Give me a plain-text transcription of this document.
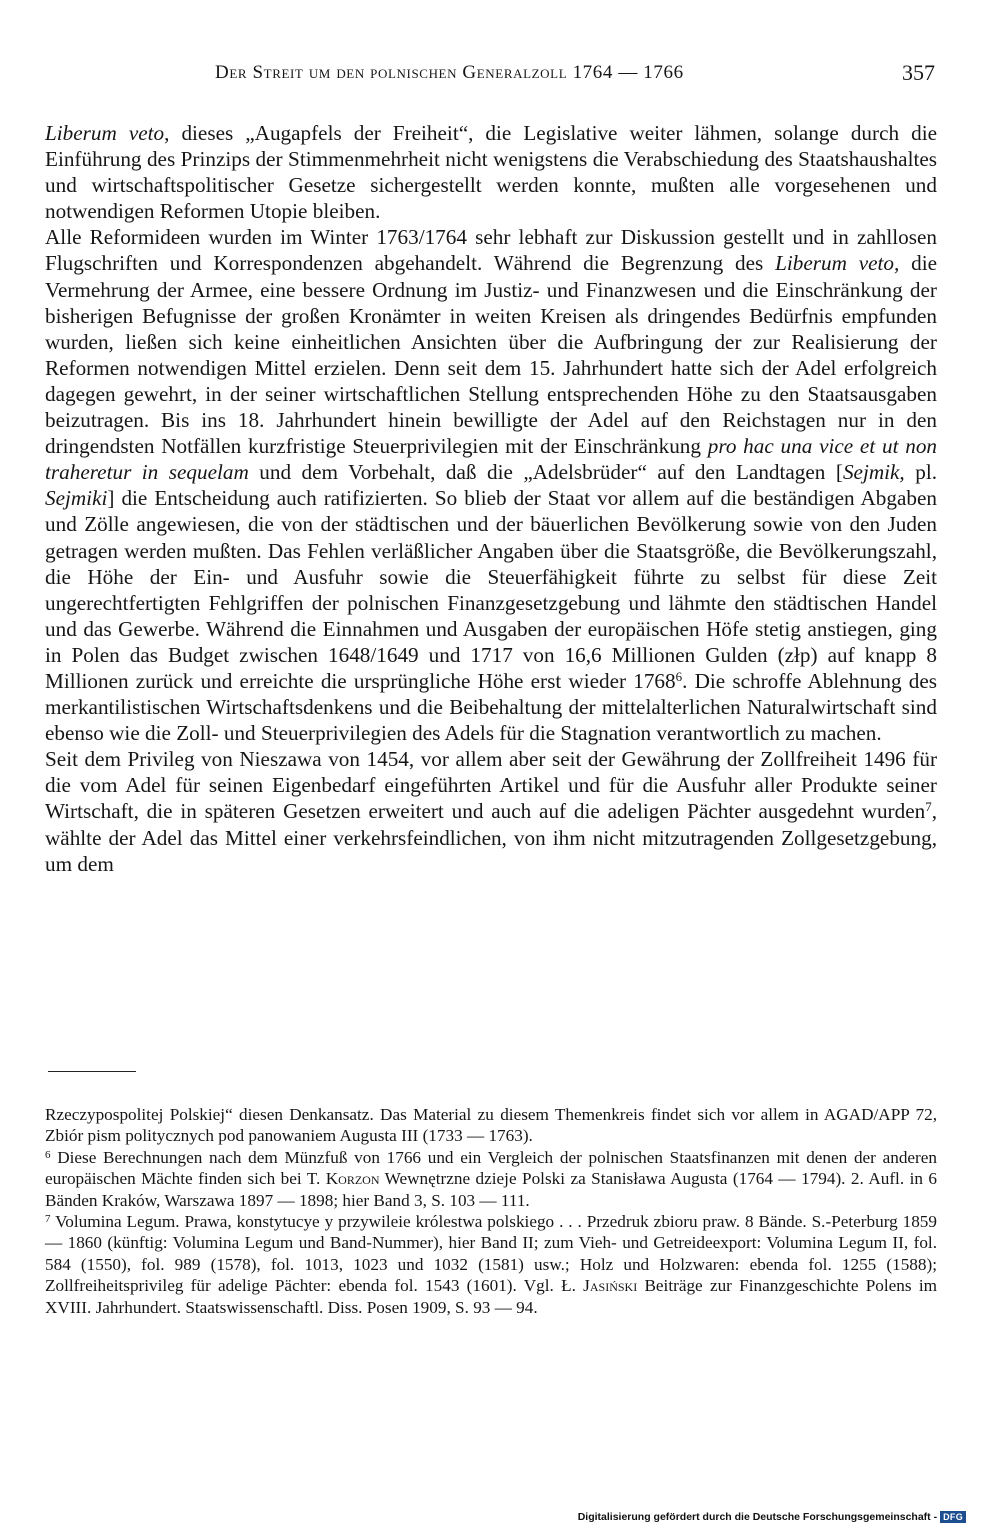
Der Streit um den polnischen Generalzoll 1764 — 1766	357

Liberum veto, dieses „Augapfels der Freiheit“, die Legislative weiter lähmen, solange durch die Einführung des Prinzips der Stimmenmehrheit nicht wenigstens die Verabschiedung des Staatshaushaltes und wirtschaftspolitischer Gesetze sichergestellt werden konnte, mußten alle vorgesehenen und notwendigen Reformen Utopie bleiben.

Alle Reformideen wurden im Winter 1763/1764 sehr lebhaft zur Diskussion gestellt und in zahllosen Flugschriften und Korrespondenzen abgehandelt. Während die Begrenzung des Liberum veto, die Vermehrung der Armee, eine bessere Ordnung im Justiz- und Finanzwesen und die Einschränkung der bisherigen Befugnisse der großen Kronämter in weiten Kreisen als dringendes Bedürfnis empfunden wurden, ließen sich keine einheitlichen Ansichten über die Aufbringung der zur Realisierung der Reformen notwendigen Mittel erzielen. Denn seit dem 15. Jahrhundert hatte sich der Adel erfolgreich dagegen gewehrt, in der seiner wirtschaftlichen Stellung entsprechenden Höhe zu den Staatsausgaben beizutragen. Bis ins 18. Jahrhundert hinein bewilligte der Adel auf den Reichstagen nur in den dringendsten Notfällen kurzfristige Steuerprivilegien mit der Einschränkung pro hac una vice et ut non traheretur in sequelam und dem Vorbehalt, daß die „Adelsbrüder“ auf den Landtagen [Sejmik, pl. Sejmiki] die Entscheidung auch ratifizierten. So blieb der Staat vor allem auf die beständigen Abgaben und Zölle angewiesen, die von der städtischen und der bäuerlichen Bevölkerung sowie von den Juden getragen werden mußten. Das Fehlen verläßlicher Angaben über die Staatsgröße, die Bevölkerungszahl, die Höhe der Ein- und Ausfuhr sowie die Steuerfähigkeit führte zu selbst für diese Zeit ungerechtfertigten Fehlgriffen der polnischen Finanzgesetzgebung und lähmte den städtischen Handel und das Gewerbe. Während die Einnahmen und Ausgaben der europäischen Höfe stetig anstiegen, ging in Polen das Budget zwischen 1648/1649 und 1717 von 16,6 Millionen Gulden (złp) auf knapp 8 Millionen zurück und erreichte die ursprüngliche Höhe erst wieder 1768$^6$. Die schroffe Ablehnung des merkantilistischen Wirtschaftsdenkens und die Beibehaltung der mittelalterlichen Naturalwirtschaft sind ebenso wie die Zoll- und Steuerprivilegien des Adels für die Stagnation verantwortlich zu machen.

Seit dem Privileg von Nieszawa von 1454, vor allem aber seit der Gewährung der Zollfreiheit 1496 für die vom Adel für seinen Eigenbedarf eingeführten Artikel und für die Ausfuhr aller Produkte seiner Wirtschaft, die in späteren Gesetzen erweitert und auch auf die adeligen Pächter ausgedehnt wurden$^7$, wählte der Adel das Mittel einer verkehrsfeindlichen, von ihm nicht mitzutragenden Zollgesetzgebung, um dem

Rzeczypospolitej Polskiej“ diesen Denkansatz. Das Material zu diesem Themenkreis findet sich vor allem in AGAD/APP 72, Zbiór pism politycznych pod panowaniem Augusta III (1733 — 1763).

$^6$ Diese Berechnungen nach dem Münzfuß von 1766 und ein Vergleich der polnischen Staatsfinanzen mit denen der anderen europäischen Mächte finden sich bei T. Korzon Wewnętrzne dzieje Polski za Stanisława Augusta (1764 — 1794). 2. Aufl. in 6 Bänden Kraków, Warszawa 1897 — 1898; hier Band 3, S. 103 — 111.

$^7$ Volumina Legum. Prawa, konstytucye y przywileie królestwa polskiego . . . Przedruk zbioru praw. 8 Bände. S.-Peterburg 1859 — 1860 (künftig: Volumina Legum und Band-Nummer), hier Band II; zum Vieh- und Getreideexport: Volumina Legum II, fol. 584 (1550), fol. 989 (1578), fol. 1013, 1023 und 1032 (1581) usw.; Holz und Holzwaren: ebenda fol. 1255 (1588); Zollfreiheitsprivileg für adelige Pächter: ebenda fol. 1543 (1601). Vgl. Ł. Jasiński Beiträge zur Finanzgeschichte Polens im XVIII. Jahrhundert. Staatswissenschaftl. Diss. Posen 1909, S. 93 — 94.

Digitalisierung gefördert durch die Deutsche Forschungsgemeinschaft - DFG
